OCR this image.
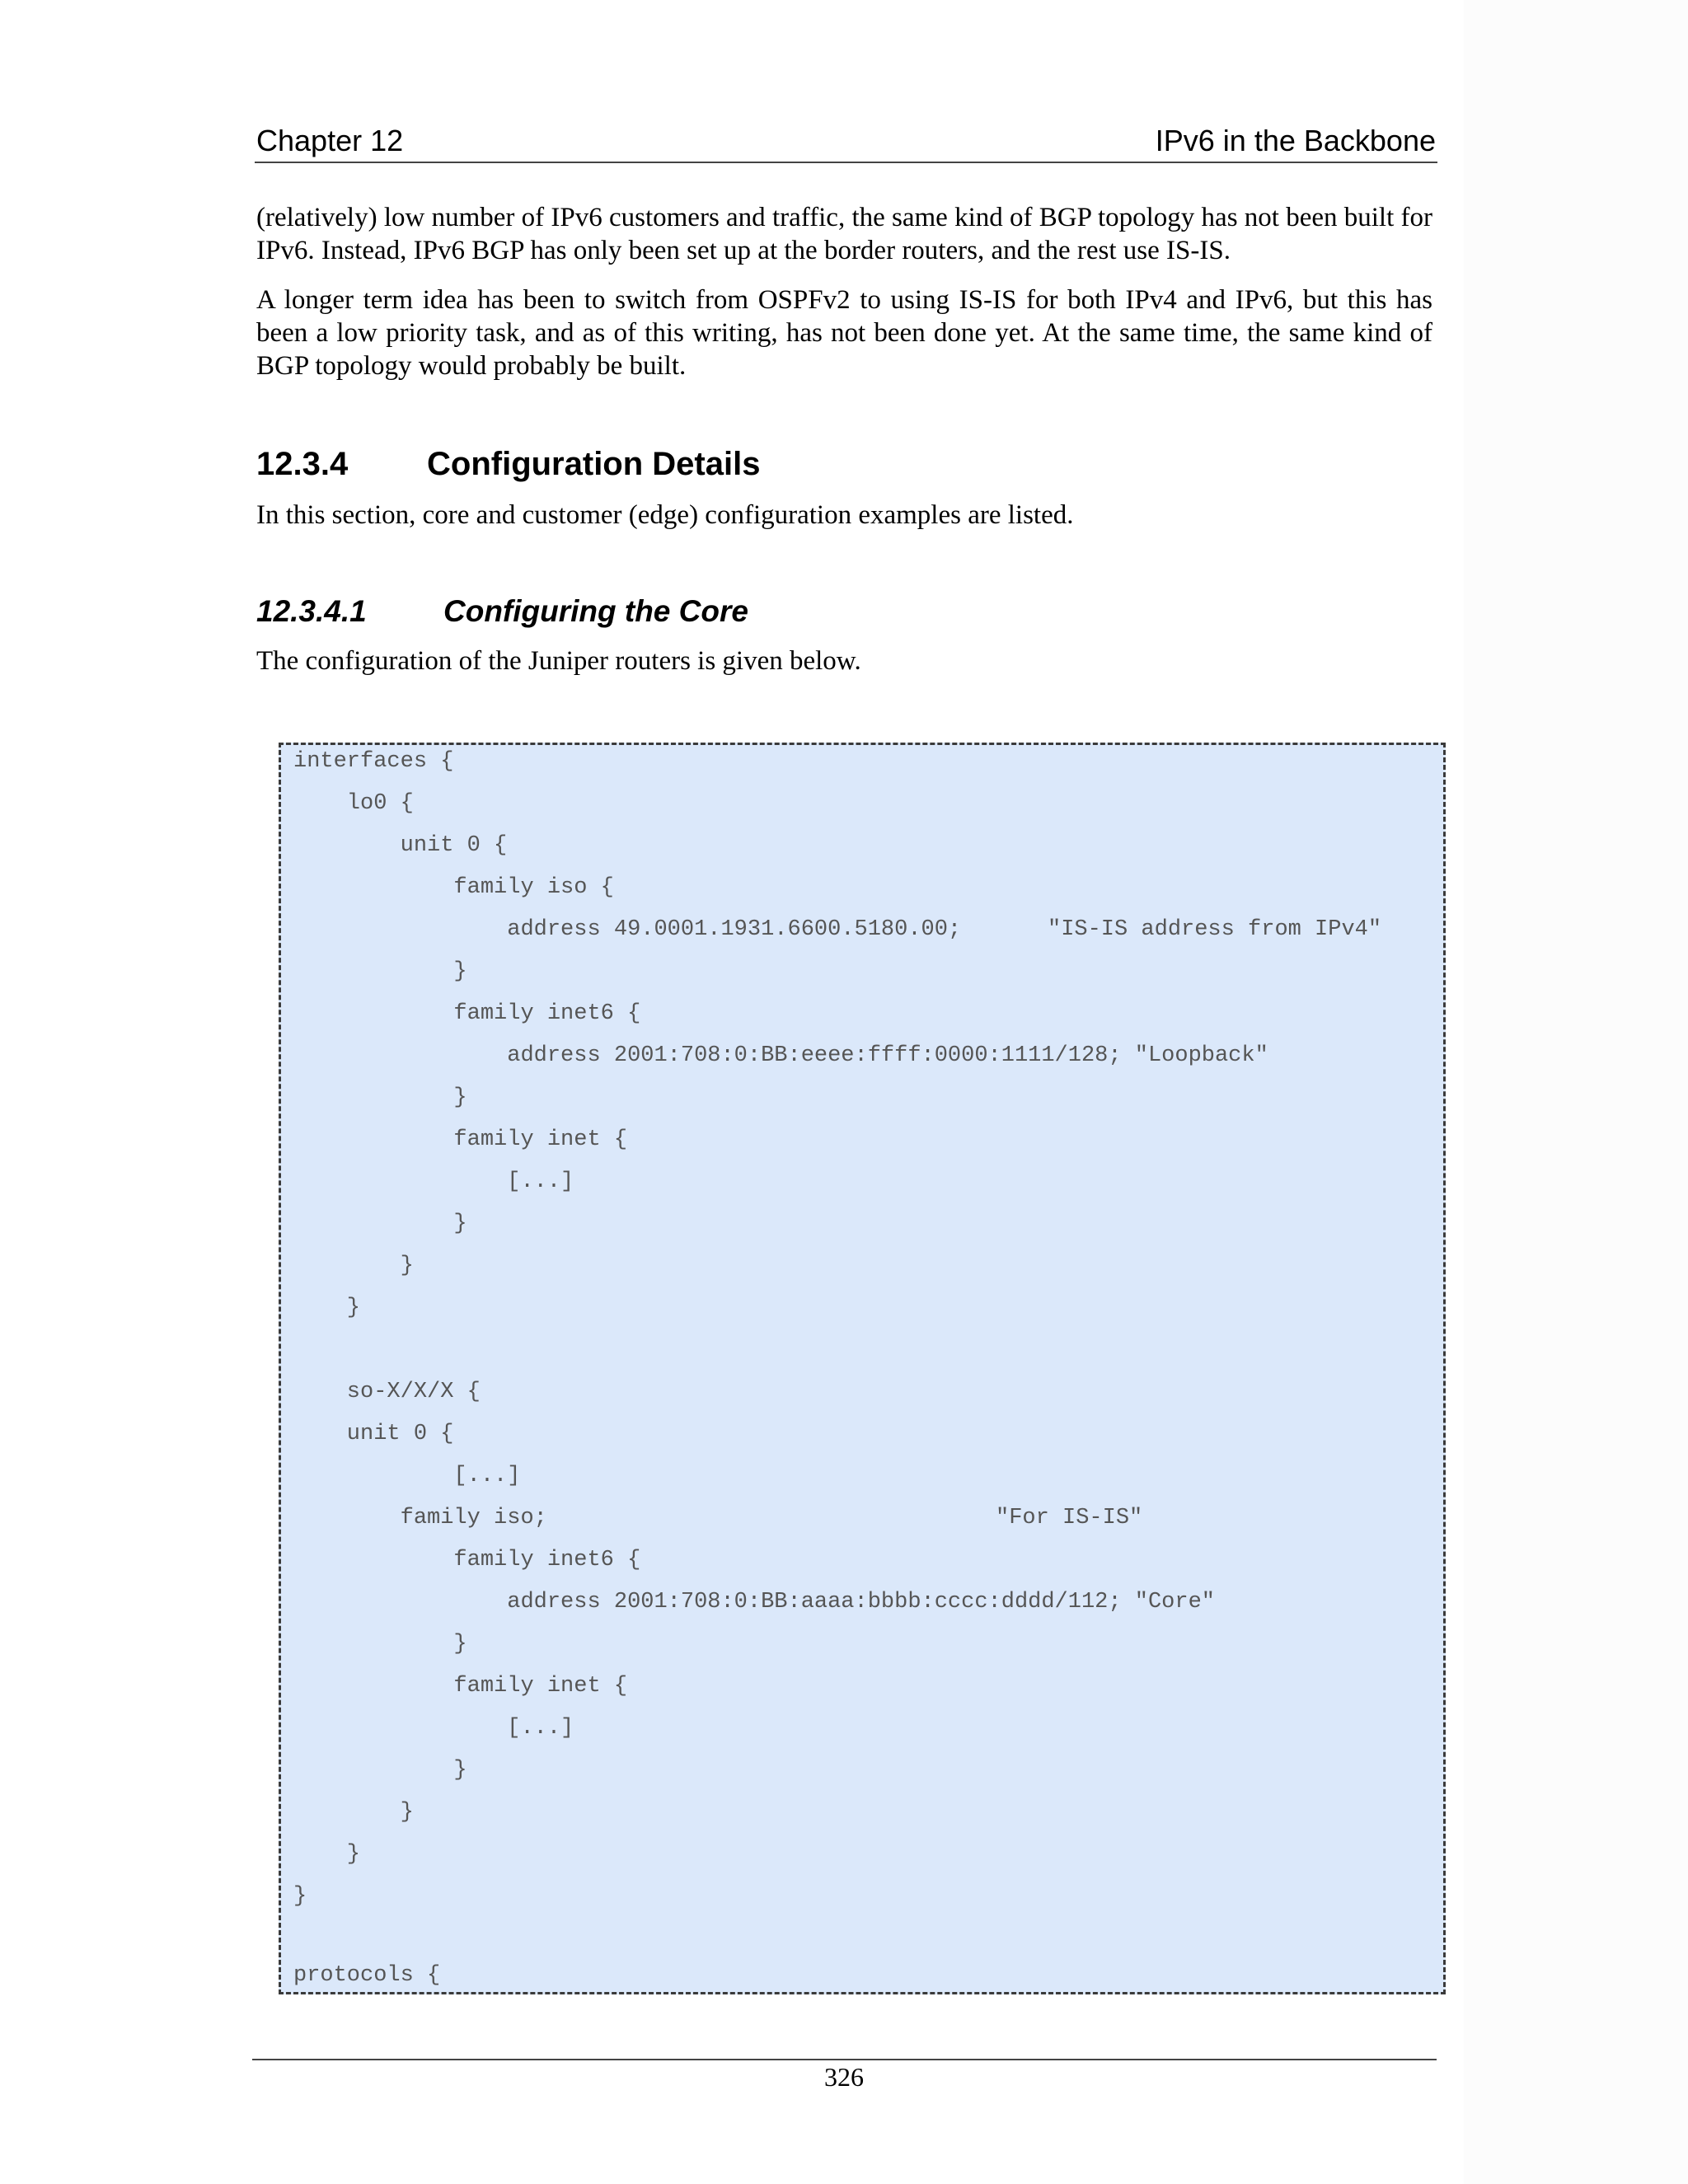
Chapter 12	IPv6 in the Backbone

(relatively) low number of IPv6 customers and traffic, the same kind of BGP topology has not been built for IPv6. Instead, IPv6 BGP has only been set up at the border routers, and the rest use IS-IS.

A longer term idea has been to switch from OSPFv2 to using IS-IS for both IPv4 and IPv6, but this has been a low priority task, and as of this writing, has not been done yet. At the same time, the same kind of BGP topology would probably be built.

12.3.4 Configuration Details

In this section, core and customer (edge) configuration examples are listed.

12.3.4.1	Configuring the Core

The configuration of the Juniper routers is given below.

interfaces {
lo0 {
unit 0 {
family iso {
address 49.0001.1931.6600.5180.00;	"IS-IS address from IPv4"
}
family inet6 {
address 2001:708:0:BB:eeee:ffff:0000:1111/128; "Loopback"
}
family inet {
[...]
}
}
}
so-X/X/X {
unit 0 {
[...]
family iso;	"For IS-IS"
family inet6 {
address 2001:708:0:BB:aaaa:bbbb:cccc:dddd/112; "Core"
}
family inet {
[...]
}
}
}
}
protocols {
326
